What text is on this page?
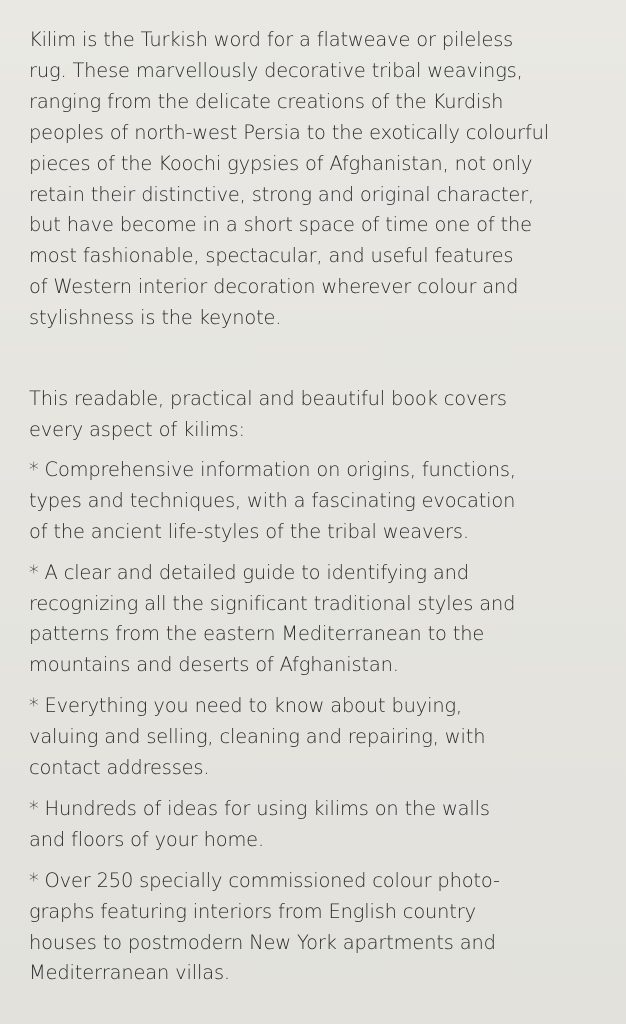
Kilim is the Turkish word for a flatweave or pileless
rug. These marvellously decorative tribal weavings,
ranging from the delicate creations of the Kurdish
peoples of north-west Persia to the exotically colourful
pieces of the Koochi gypsies of Afghanistan, not only
retain their distinctive, strong and original character,
but have become in a short space of time one of the
most fashionable, spectacular, and useful features
of Western interior decoration wherever colour and
stylishness is the keynote.

This readable, practical and beautiful book covers
every aspect of kilims:

* Comprehensive information on origins, functions,
types and techniques, with a fascinating evocation
of the ancient life-styles of the tribal weavers.

* A clear and detailed guide to identifying and
recognizing all the significant traditional styles and
patterns from the eastern Mediterranean to the
mountains and deserts of Afghanistan.

* Everything you need to know about buying,
valuing and selling, cleaning and repairing, with
contact addresses.

* Hundreds of ideas for using kilims on the walls
and floors of your home.

* Over 250 specially commissioned colour photo-
graphs featuring interiors from English country
houses to postmodern New York apartments and
Mediterranean villas.
